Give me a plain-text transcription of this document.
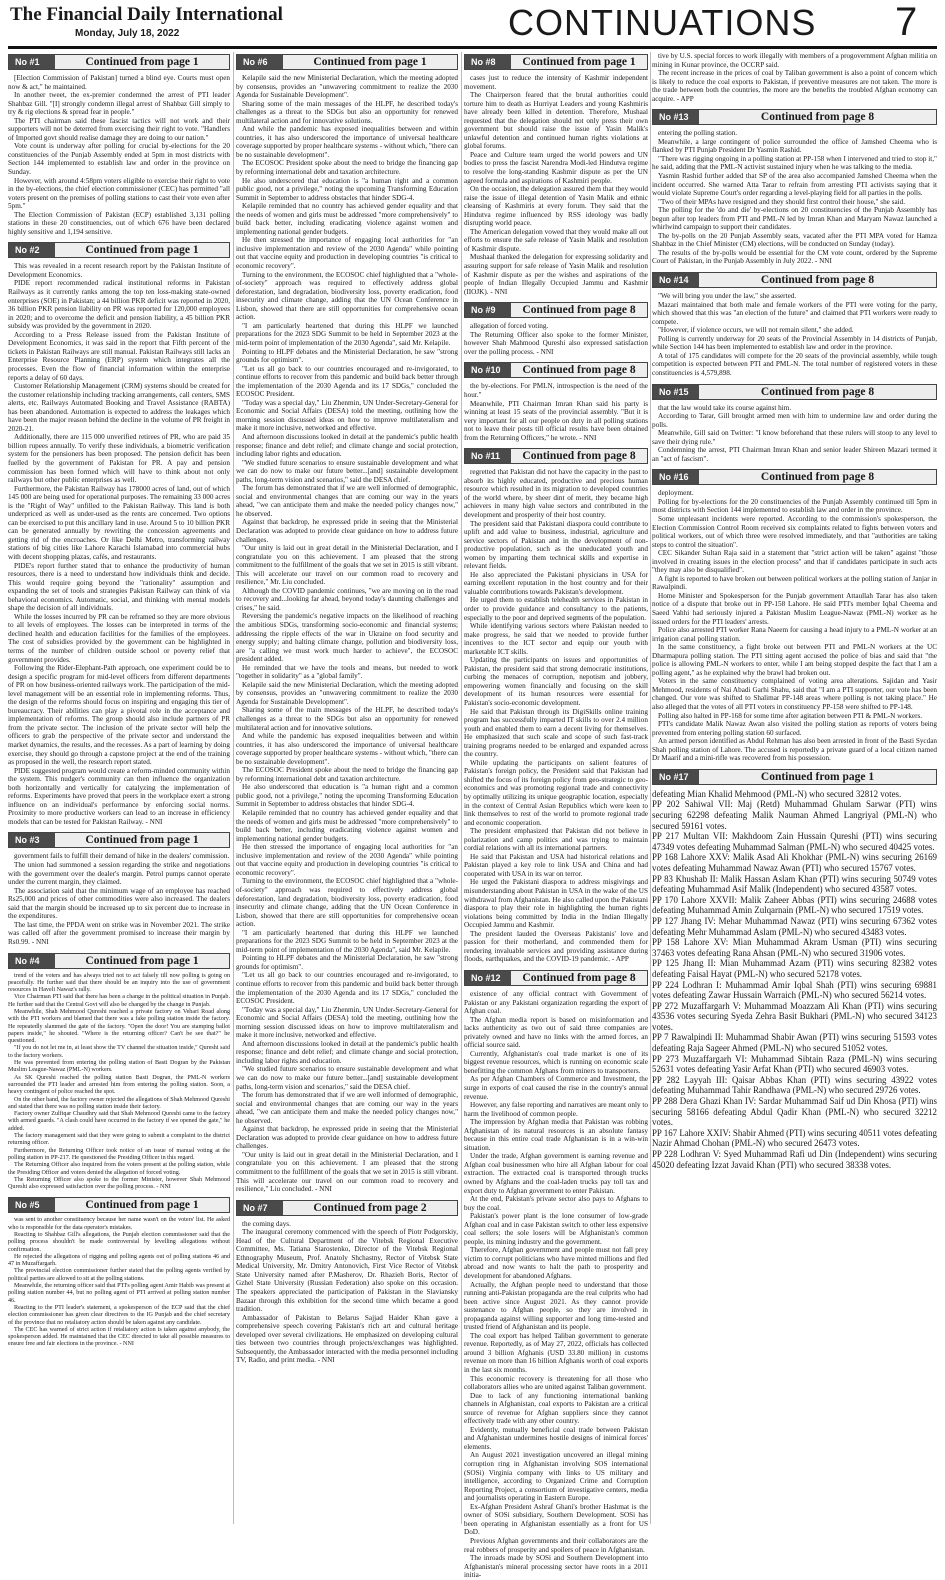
The Financial Daily International
Monday, July 18, 2022	CONTINUATIONS 7
No #1	Continued from page 1

[Election Commission of Pakistan] turned a blind eye. Courts must open now & act," he maintained.

In another tweet, the ex-premier condemned the arrest of PTI leader Shahbaz Gill. "[I] strongly condemn illegal arrest of Shahbaz Gill simply to try & rig elections & spread fear in people."

The PTI chairman said these fascist tactics will not work and their supporters will not be deterred from exercising their right to vote. "Handlers of Imported govt should realise damage they are doing to our nation."

Vote count is underway after polling for crucial by-elections for the 20 constituencies of the Punjab Assembly ended at 5pm in most districts with Section 144 implemented to establish law and order in the province on Sunday.

However, with around 4:58pm voters eligible to exercise their right to vote in the by-elections, the chief election commissioner (CEC) has permitted "all voters present on the premises of polling stations to cast their vote even after 5pm."

The Election Commission of Pakistan (ECP) established 3,131 polling stations in these 20 constituencies, out of which 676 have been declared highly sensitive and 1,194 sensitive.

No #2	Continued from page 1

This was revealed in a recent research report by the Pakistan Institute of Development Economics.

PIDE report recommended radical institutional reforms in Pakistan Railways as it currently ranks among the top ten loss-making state-owned enterprises (SOE) in Pakistan; a 44 billion PKR deficit was reported in 2020, 36 billion PKR pension liability on PR was reported for 120,000 employees in 2020; and to overcome the deficit and pension liability, a 45 billion PKR subsidy was provided by the government in 2020.

According to a Press Release issued from the Pakistan Institute of Development Economics, it was said in the report that Fifth percent of the tickets in Pakistan Railways are still manual. Pakistan Railways still lacks an Enterprise Resource Planning (ERP) system which integrates all the processes. Even the flow of financial information within the enterprise reports a delay of 60 days.

Customer Relationship Management (CRM) systems should be created for the customer relationship including tracking arrangements, call centers, SMS alerts, etc. Railways Automated Booking and Travel Assistance (RABTA) has been abandoned. Automation is expected to address the leakages which have been the major reason behind the decline in the volume of PR freight in 2020-21.

Additionally, there are 115 000 unverified retirees of PR, who are paid 35 billion rupees annually. To verify these individuals, a biometric verification system for the pensioners has been proposed. The pension deficit has been fuelled by the government of Pakistan for PR. A pay and pension commission has been formed which will have to think about not only railways but other public enterprises as well.

Furthermore, the Pakistan Railway has 178000 acres of land, out of which 145 000 are being used for operational purposes. The remaining 33 000 acres is the "Right of Way" unfilled to the Pakistan Railway. This land is both underpriced as well as under-used as the rents are concerned. Two options can be exercised to put this ancillary land in use. Around 5 to 10 billion PKR can be generated annually by rewriting the concession agreements and getting rid of the encroaches. Or like Delhi Metro, transforming railway stations of big cities like Lahore Karachi Islamabad into commercial hubs with decent shopping plazas, cafés, and restaurants.

PIDE's report further stated that to enhance the productivity of human resources, there is a need to understand how individuals think and decide. This would require going beyond the "rationality" assumption and expanding the set of tools and strategies Pakistan Railway can think of via behavioral economics. Automatic, social, and thinking with mental models shape the decision of all individuals.

While the losses incurred by PR can be reframed so they are more obvious to all levels of employees. The losses can be interpreted in terms of the declined health and education facilities for the families of the employees. The cost of subsidies provided by the government can be highlighted in terms of the number of children outside school or poverty relief that government provides.

Following the Rider-Elephant-Path approach, one experiment could be to design a specific program for mid-level officers from different departments of PR on how business-oriented railways work. The participation of the mid-level management will be an essential role in implementing reforms. Thus, the design of the reforms should focus on inspiring and engaging this tier of bureaucracy. Their abilities can play a pivotal role in the acceptance and implementation of reforms. The group should also include partners of PR from the private sector. The inclusion of the private sector will help the officers to grab the perspective of the private sector and understand the market dynamics, the results, and the recesses. As a part of learning by doing exercise, they should go through a capstone project at the end of the training as proposed in the well, the research report stated.

PIDE suggested program would create a reform-minded community within the system. This nudger's community can then influence the organization both horizontally and vertically for catalyzing the implementation of reforms. Experiments have proved that peers in the workplace exert a strong influence on an individual's performance by enforcing social norms. Proximity to more productive workers can lead to an increase in efficiency models that can be tested for Pakistan Railway. - NNI

No #3	Continued from page 1

government fails to fulfill their demand of hike in the dealers' commission.

The union had summoned a session regarding the strike and negotiations with the government over the dealer's margin. Petrol pumps cannot operate under the current margin, they claimed.

The association said that the minimum wage of an employee has reached Rs25,000 and prices of other commodities were also increased. The dealers said that the margin should be increased up to six percent due to increase in the expenditures.

The last time, the PPDA went on strike was in November 2021. The strike was called off after the government promised to increase their margin by Rs0.99. - NNI

No #4	Continued from page 1

trend of the voters and has always tried not to act falsely till now polling is going on peacefully. He further said that there should be an inquiry into the use of government resources in Haveli Nawaz's rally.

Vice Chairman PTI said that there has been a change in the political situation in Punjab. He further said that the Central Govt will also be changed by the change in Punjab.

Meanwhile, Shah Mehmood Qureshi reached a private factory on Vehari Road along with the PTI workers and blamed that there was a fake polling station inside the factory. He repeatedly slammed the gate of the factory. "Open the door! You are stamping ballot papers inside," he shouted. "Where is the returning officer? Can't be see that?" he questioned.

"If you do not let me in, at least show the TV channel the situation inside," Qureshi said to the factory workers.

He was prevented from entering the polling station of Basti Dogran by the Pakistan Muslim League-Nawaz (PML-N) workers.

As SK Qureshi reached the polling station Basti Dogran, the PML-N workers surrounded the PTI leader and arrested him from entering the polling station. Soon, a heavy contingent of police reached the spot.

On the other hand, the factory owner rejected the allegations of Shah Mehmood Qureshi and stated that there was no polling station inside their factory.

Factory owner Zulfiqar Chaudhry said that Shah Mehmood Qureshi came to the factory with armed guards. "A clash could have occurred in the factory if we opened the gate," he added.

The factory management said that they were going to submit a complaint to the district returning officer.

Furthermore, the Returning Officer took notice of an issue of manual voting at the polling station in PP-217. He questioned the Presiding Officer in this regard.

The Returning Officer also inquired from the voters present at the polling station, while the Presiding Officer and voters denied the allegation of forced voting.

The Returning Officer also spoke to the former Minister, however Shah Mehmood Qureshi also expressed satisfaction over the polling process. - NNI

No #5	Continued from page 1

was sent to another constituency because her name wasn't on the voters' list. He asked who is responsible for the data operator's mistakes.

Reacting to Shahbaz Gill's allegations, the Punjab election commissioner said that the polling process shouldn't be made controversial by levelling allegations without confirmation.

He rejected the allegations of rigging and polling agents out of polling stations 46 and 47 in Muzaffargarh.

The provincial election commissioner further stated that the polling agents verified by political parties are allowed to sit at the polling stations.

Meanwhile, the returning officer said that PTI's polling agent Amir Habib was present at polling station number 44, but no polling agent of PTI arrived at polling station number 46.

Reacting to the PTI leader's statement, a spokesperson of the ECP said that the chief election commissioner has given clear directives to the IG Punjab and the chief secretary of the province that no retaliatory action should be taken against any candidate.

The CEC has warned of strict action if retaliatory action is taken against anybody, the spokesperson added. He maintained that the CEC directed to take all possible measures to ensure free and fair elections in the province. - NNI

No #6	Continued from page 1

Kelapile said the new Ministerial Declaration, which the meeting adopted by consensus, provides an "unwavering commitment to realize the 2030 Agenda for Sustainable Development".

Sharing some of the main messages of the HLPF, he described today's challenges as a threat to the SDGs but also an opportunity for renewed multilateral action and for innovative solutions.

And while the pandemic has exposed inequalities between and within countries, it has also underscored the importance of universal healthcare coverage supported by proper healthcare systems - without which, "there can be no sustainable development".

The ECOSOC President spoke about the need to bridge the financing gap by reforming international debt and taxation architecture.

He also underscored that education is "a human right and a common public good, not a privilege," noting the upcoming Transforming Education Summit in September to address obstacles that hinder SDG-4.

Kelapile reminded that no country has achieved gender equality and that the needs of women and girls must be addressed "more comprehensively" to build back better, including eradicating violence against women and implementing national gender budgets.

He then stressed the importance of engaging local authorities for "an inclusive implementation and review of the 2030 Agenda" while pointing out that vaccine equity and production in developing countries "is critical to economic recovery".

Turning to the environment, the ECOSOC chief highlighted that a "whole-of-society" approach was required to effectively address global deforestation, land degradation, biodiversity loss, poverty eradication, food insecurity and climate change, adding that the UN Ocean Conference in Lisbon, showed that there are still opportunities for comprehensive ocean action.

"I am particularly heartened that during this HLPF we launched preparations for the 2023 SDG Summit to be held in September 2023 at the mid-term point of implementation of the 2030 Agenda", said Mr. Kelapile.

Pointing to HLPF debates and the Ministerial Declaration, he saw "strong grounds for optimism".

"Let us all go back to our countries encouraged and re-invigorated, to continue efforts to recover from this pandemic and build back better through the implementation of the 2030 Agenda and its 17 SDGs," concluded the ECOSOC President.

"Today was a special day," Liu Zhenmin, UN Under-Secretary-General for Economic and Social Affairs (DESA) told the meeting, outlining how the morning session discussed ideas on how to improve multilateralism and make it more inclusive, networked and effective.

And afternoon discussions looked in detail at the pandemic's public health response; finance and debt relief; and climate change and social protection, including labor rights and education.

"We studied future scenarios to ensure sustainable development and what we can do now to make our future better...[and] sustainable development paths, long-term vision and scenarios," said the DESA chief.

The forum has demonstrated that if we are well informed of demographic, social and environmental changes that are coming our way in the years ahead, "we can anticipate them and make the needed policy changes now," he observed.

Against that backdrop, he expressed pride in seeing that the Ministerial Declaration was adopted to provide clear guidance on how to address future challenges.

"Our unity is laid out in great detail in the Ministerial Declaration, and I congratulate you on this achievement. I am pleased that the strong commitment to the fulfillment of the goals that we set in 2015 is still vibrant. This will accelerate our travel on our common road to recovery and resilience," Mr. Liu concluded.

Although the COVID pandemic continues, "we are moving on in the road to recovery and...looking far ahead, beyond today's daunting challenges and crises," he said.

Reversing the pandemic's negative impacts on the likelihood of reaching the ambitious SDGs, transforming socio-economic and financial systems; addressing the ripple effects of the war in Ukraine on food security and energy supply; and halting climate change, pollution and biodiversity loss, are "a calling we must work much harder to achieve", the ECOSOC president added.

He reminded that we have the tools and means, but needed to work "together in solidarity" as a "global family".

Kelapile said the new Ministerial Declaration, which the meeting adopted by consensus, provides an "unwavering commitment to realize the 2030 Agenda for Sustainable Development".

Sharing some of the main messages of the HLPF, he described today's challenges as a threat to the SDGs but also an opportunity for renewed multilateral action and for innovative solutions.

And while the pandemic has exposed inequalities between and within countries, it has also underscored the importance of universal healthcare coverage supported by proper healthcare systems - without which, "there can be no sustainable development".

The ECOSOC President spoke about the need to bridge the financing gap by reforming international debt and taxation architecture.

He also underscored that education is "a human right and a common public good, not a privilege," noting the upcoming Transforming Education Summit in September to address obstacles that hinder SDG-4.

Kelapile reminded that no country has achieved gender equality and that the needs of women and girls must be addressed "more comprehensively" to build back better, including eradicating violence against women and implementing national gender budgets.

He then stressed the importance of engaging local authorities for "an inclusive implementation and review of the 2030 Agenda" while pointing out that vaccine equity and production in developing countries "is critical to economic recovery".

Turning to the environment, the ECOSOC chief highlighted that a "whole-of-society" approach was required to effectively address global deforestation, land degradation, biodiversity loss, poverty eradication, food insecurity and climate change, adding that the UN Ocean Conference in Lisbon, showed that there are still opportunities for comprehensive ocean action.

"I am particularly heartened that during this HLPF we launched preparations for the 2023 SDG Summit to be held in September 2023 at the mid-term point of implementation of the 2030 Agenda", said Mr. Kelapile.

Pointing to HLPF debates and the Ministerial Declaration, he saw "strong grounds for optimism".

"Let us all go back to our countries encouraged and re-invigorated, to continue efforts to recover from this pandemic and build back better through the implementation of the 2030 Agenda and its 17 SDGs," concluded the ECOSOC President.

"Today was a special day," Liu Zhenmin, UN Under-Secretary-General for Economic and Social Affairs (DESA) told the meeting, outlining how the morning session discussed ideas on how to improve multilateralism and make it more inclusive, networked and effective.

And afternoon discussions looked in detail at the pandemic's public health response; finance and debt relief; and climate change and social protection, including labor rights and education.

"We studied future scenarios to ensure sustainable development and what we can do now to make our future better...[and] sustainable development paths, long-term vision and scenarios," said the DESA chief.

The forum has demonstrated that if we are well informed of demographic, social and environmental changes that are coming our way in the years ahead, "we can anticipate them and make the needed policy changes now," he observed.

Against that backdrop, he expressed pride in seeing that the Ministerial Declaration was adopted to provide clear guidance on how to address future challenges.

"Our unity is laid out in great detail in the Ministerial Declaration, and I congratulate you on this achievement. I am pleased that the strong commitment to the fulfillment of the goals that we set in 2015 is still vibrant. This will accelerate our travel on our common road to recovery and resilience," Liu concluded. - NNI

No #7	Continued from page 2

the coming days.

The inaugural ceremony commenced with the speech of Piotr Podgorskiy, Head of the Cultural Department of the Vitebsk Regional Executive Committee, Ms. Tatiana Starostenko, Director of the Vitebsk Regional Ethnography Museum, Prof. Anatoly Shchastny, Rector of Vitebsk State Medical University, Mr. Dmitry Antonovich, First Vice Rector of Vitebsk State University named after P.Masherov, Dr. Rhazieh Boris, Rector of Gzhel State University (Russian Federation) also spoke on this occasion. The speakers appreciated the participation of Pakistan in the Slaviansky Bazaar through this exhibition for the second time which became a good tradition.

Ambassador of Pakistan to Belarus Sajjad Haider Khan gave a comprehensive speech covering Pakistan's rich art and cultural heritage developed over several civilizations. He emphasized on developing cultural ties between two countries through projects/exchanges was highlighted. Subsequently, the Ambassador interacted with the media personnel including TV, Radio, and print media. - NNI

No #8	Continued from page 1

cases just to reduce the intensity of Kashmir independent movement.

The Chairperson feared that the brutal authorities could torture him to death as Hurriyat Leaders and young Kashmiris have already been killed in detention. Therefore, Mushaal requested that the delegation should not only press their own government but should raise the issue of Yasin Malik's unlawful detention and continued human rights violations at global forums.

Peace and Culture team urged the world powers and UN bodies to press the fascist Narendra Modi-led Hindutva regime to resolve the long-standing Kashmir dispute as per the UN agreed formula and aspirations of Kashmiri people.

On the occasion, the delegation assured them that they would raise the issue of illegal detention of Yasin Malik and ethnic cleansing of Kashmiris at every forum. They said that the Hindutva regime influenced by RSS ideology was badly disrupting world peace.

The American delegation vowed that they would make all out efforts to ensure the safe release of Yasin Malik and resolution of Kashmir dispute.

Mushaal thanked the delegation for expressing solidarity and assuring support for safe release of Yasin Malik and resolution of Kashmir dispute as per the wishes and aspirations of the people of Indian Illegally Occupied Jammu and Kashmir (IIOJK). - NNI

No #9	Continued from page 8

allegation of forced voting.

The Returning Officer also spoke to the former Minister, however Shah Mahmood Qureshi also expressed satisfaction over the polling process. - NNI

No #10	Continued from page 8

the by-elections. For PMLN, introspection is the need of the hour."

Meanwhile, PTI Chairman Imran Khan said his party is winning at least 15 seats of the provincial assembly. "But it is very important for all our people on duty in all polling stations not to leave their posts till official results have been obtained from the Returning Officers," he wrote. - NNI

No #11	Continued from page 8

regretted that Pakistan did not have the capacity in the past to absorb its highly educated, productive and precious human resource which resulted in its migration to developed countries of the world where, by sheer dint of merit, they became high achievers in many high value sectors and contributed in the development and prosperity of their host country.

The president said that Pakistani diaspora could contribute to uplift and add value to business, industrial, agriculture and service sectors of Pakistan and in the development of non-productive population, such as the uneducated youth and women by imparting them technical skills and expertise in relevant fields.

He also appreciated the Pakistani physicians in USA for earning excellent reputation in the host country and for their valuable contributions towards Pakistan's development.

He urged them to establish telehealth services in Pakistan in order to provide guidance and consultancy to the patients, especially to the poor and deprived segments of the population.

While identifying various sectors where Pakistan needed to make progress, he said that we needed to provide further incentives to the ICT sector and equip our youth with marketable ICT skills.

Updating the participants on issues and opportunities of Pakistan, the president said that strong democratic institutions, curbing the menaces of corruption, nepotism and jobbery, empowering women financially and focusing on the skill development of its human resources were essential for Pakistan's socio-economic development.

He said that Pakistan through its DigiSkills online training program has successfully imparted IT skills to over 2.4 million youth and enabled them to earn a decent living for themselves. He emphasized that such scale and scope of such fast-track training programs needed to be enlarged and expanded across the country.

While updating the participants on salient features of Pakistan's foreign policy, the President said that Pakistan had shifted the focus of its foreign policy from geo-strategic to geo-economics and was promoting regional trade and connectivity by optimally utilizing its unique geographic location, especially in the context of Central Asian Republics which were keen to link themselves to rest of the world to promote regional trade and economic cooperation.

The president emphasized that Pakistan did not believe in polarization and camp politics and was trying to maintain cordial relations with all its international partners.

He said that Pakistan and USA had historical relations and Pakistan played a key role to link USA and China and had cooperated with USA in its war on terror.

He urged the Pakistani diaspora to address misgivings and misunderstanding about Pakistan in USA in the wake of the US withdrawal from Afghanistan. He also called upon the Pakistani diaspora to play their role in highlighting the human rights violations being committed by India in the Indian Illegally Occupied Jammu and Kashmir.

The president lauded the Overseas Pakistanis' love and passion for their motherland, and commended them for rendering invaluable services and providing assistance during floods, earthquakes, and the COVID-19 pandemic. - APP

No #12	Continued from page 8

existence of any official contract with Government of Pakistan or any Pakistani organization regarding the export of Afghan coal.

The Afghan media report is based on misinformation and lacks authenticity as two out of said three companies are privately owned and have no links with the armed forces, an official source said.

Currently, Afghanistan's coal trade market is one of its biggest revenue resources, which is running on economic scale benefitting the common Afghans from miners to transporters.

As per Afghan Chambers of Commerce and Investment, the surge in exports of coal caused the rise in the country's annual revenue.

However, any false reporting and narratives are meant only to harm the livelihood of common people.

The impression by Afghan media that Pakistan was robbing Afghanistan of its natural resources is an absolute fantasy because in this entire coal trade Afghanistan is in a win-win situation.

Under the trade, Afghan government is earning revenue and Afghan coal businessmen who hire all Afghan labour for coal extraction. The extracted coal is transported through trucks owned by Afghans and the coal-laden trucks pay toll tax and export duty to Afghan government to enter Pakistan.

At the end, Pakistan's private sector also pays to Afghans to buy the coal.

Pakistan's power plant is the lone consumer of low-grade Afghan coal and in case Pakistan switch to other less expensive coal sellers; the sole losers will be Afghanistan's common people, its mining industry and the government.

Therefore, Afghan government and people must not fall prey victim to corrupt politicians who have minted millions and fled abroad and now wants to halt the path to prosperity and development for abandoned Afghans.

Actually, the Afghan people need to understand that those running anti-Pakistan propaganda are the real culprits who had been active since August 2021. As they cannot provide sustenance to Afghan people, so they are involved in propaganda against willing supporter and long time-tested and trusted friend of Afghanistan and its people.

The coal export has helped Taliban government to generate revenue. Reportedly, as of May 27, 2022, officials has collected around 3 billion Afghanis (USD 33.80 million) in customs revenue on more than 16 billion Afghanis worth of coal exports in the last six months.

This economic recovery is threatening for all those who collaborators allies who are united against Taliban government.

Due to lack of any functioning international banking channels in Afghanistan, coal exports to Pakistan are a critical source of revenue for Afghan suppliers since they cannot effectively trade with any other country.

Evidently, mutually beneficial coal trade between Pakistan and Afghanistan undermines hostile designs of inimical forces' elements.

An August 2021 investigation uncovered an illegal mining corruption ring in Afghanistan involving SOS international (SOSi) Virginia company with links to US military and intelligence, according to Organized Crime and Corruption Reporting Project, a consortium of investigative centers, media and journalists operating in Eastern Europe.

Ex-Afghan President Ashraf Ghani's brother Hashmat is the owner of SOSi subsidiary, Southern Development. SOSi has been operating in Afghanistan essentially as a front for US DoD.

Previous Afghan governments and their collaborators are the real robbers of prosperity and spoilers of peace in Afghanistan.

The inroads made by SOSi and Southern Development into Afghanistan's mineral processing sector have roots in a 2011 initia-

tive by U.S. special forces to work illegally with members of a progovernment Afghan militia on mining in Kunar province, the OCCRP said.

The recent increase in the prices of coal by Taliban government is also a point of concern which is likely to reduce the coal exports to Pakistan, if preventive measures are not taken. The more is the trade between both the countries, the more are the benefits the troubled Afghan economy can acquire. - APP

No #13	Continued from page 8

entering the polling station.

Meanwhile, a large contingent of police surrounded the office of Jamshed Cheema who is flanked by PTI Punjab President Dr Yasmin Rashid.

"There was rigging ongoing in a polling station at PP-158 when I intervened and tried to stop it," he said, adding that the PML-N activist sustained injury when he was talking to the media.

Yasmin Rashid further added that SP of the area also accompanied Jamshed Cheema when the incident occurred. She warned Atta Tarar to refrain from arresting PTI activists saying that it would violate Supreme Court's order regarding a level-playing field for all parties in the polls.

"Two of their MPAs have resigned and they should first control their house," she said.

The polling for the 'do and die' by-elections on 20 constituencies of the Punjab Assembly has begun after top leaders from PTI and PML-N led by Imran Khan and Maryam Nawaz launched a whirlwind campaign to support their candidates.

The by-polls on the 20 Punjab Assembly seats, vacated after the PTI MPA voted for Hamza Shahbaz in the Chief Minister (CM) elections, will be conducted on Sunday (today).

The results of the by-polls would be essential for the CM vote count, ordered by the Supreme Court of Pakistan, in the Punjab Assembly in July 2022. - NNI

No #14	Continued from page 8

"We will bring you under the law," she asserted.

Mazari maintained that both male and female workers of the PTI were voting for the party, which showed that this was "an election of the future" and claimed that PTI workers were ready to compete.

"However, if violence occurs, we will not remain silent," she added.

Polling is currently underway for 20 seats of the Provincial Assembly in 14 districts of Punjab, while Section 144 has been implemented to establish law and order in the province.

A total of 175 candidates will compete for the 20 seats of the provincial assembly, while tough competition is expected between PTI and PML-N. The total number of registered voters in these constituencies is 4,579,898.

No #15	Continued from page 8

that the law would take its course against him.

According to Tarar, Gill brought armed men with him to undermine law and order during the polls.

Meanwhile, Gill said on Twitter: "I know beforehand that these rulers will stoop to any level to save their dying rule."

Condemning the arrest, PTI Chairman Imran Khan and senior leader Shireen Mazari termed it an "act of fascism".

No #16	Continued from page 8

deployment.

Polling for by-elections for the 20 constituencies of the Punjab Assembly continued till 5pm in most districts with Section 144 implemented to establish law and order in the province.

Some unpleasant incidents were reported. According to the commission's spokesperson, the Election Commission Control Room received six complaints related to fights between voters and political workers, out of which three were resolved immediately, and that "authorities are taking steps to control the situation".

CEC Sikander Sultan Raja said in a statement that "strict action will be taken" against "those involved in creating issues in the election process" and that if candidates participate in such acts "they may also be disqualified".

A fight is reported to have broken out between political workers at the polling station of Janjar in Rawalpindi.

Home Minister and Spokesperson for the Punjab government Attaullah Tarar has also taken notice of a dispute that broke out in PP-158 Lahore. He said PTI's member Iqbal Cheema and Saeed Vahhi had seriously injured a Pakistan Muslim League-Nawaz (PML-N) worker as he issued orders for the PTI leaders' arrests.

Police also arrested PTI worker Rana Naeem for causing a head injury to a PML-N worker at an irrigation canal polling station.

In the same constituency, a fight broke out between PTI and PML-N workers at the UC Dharmapura polling station. The PTI sitting agent accused the police of bias and said that "the police is allowing PML-N workers to enter, while I am being stopped despite the fact that I am a polling agent," as he explained why the brawl had broken out.

Voters in the same constituency complained of voting area alterations. Sajidan and Yasir Mehmood, residents of Nai Abadi Garhi Shahu, said that "I am a PTI supporter, our vote has been changed. Our vote was shifted to Shalimar PP-148 areas where polling is not taking place." He also alleged that the votes of all PTI voters in constituency PP-158 were shifted to PP-148.

Polling also halted in PP-168 for some time after agitation between PTI & PML-N workers.

PTI's candidate Malik Nawaz Awan also visited the polling station as reports of voters being prevented from entering polling station 60 surfaced.

An armed person identified as Abdul Rehman has also been arrested in front of the Basti Sycdan Shah polling station of Lahore. The accused is reportedly a private guard of a local citizen named Dr Maarif and a mini-rifle was recovered from his possession.

No #17	Continued from page 1

defeating Mian Khalid Mehmood (PML-N) who secured 32812 votes.

PP 202 Sahiwal VII: Maj (Retd) Muhammad Ghulam Sarwar (PTI) wins securing 62298 defeating Malik Nauman Ahmed Langriyal (PML-N) who secured 59161 votes.

PP 217 Multan VII: Makhdoom Zain Hussain Qureshi (PTI) wins securing 47349 votes defeating Muhammad Salman (PML-N) who secured 40425 votes.

PP 168 Lahore XXV: Malik Asad Ali Khokhar (PML-N) wins securing 26169 votes defeating Muhammad Nawaz Awan (PTI) who secured 15767 votes.

PP 83 Khushab II: Malik Hassan Aslam Khan (PTI) wins securing 50749 votes defeating Muhammad Asif Malik (Independent) who secured 43587 votes.

PP 170 Lahore XXVII: Malik Zaheer Abbas (PTI) wins securing 24688 votes defeating Muhammad Amin Zulqarnain (PML-N) who secured 17519 votes.

PP 127 Jhang IV: Mehar Muhammad Nawaz (PTI) wins securing 67362 votes defeating Mehr Muhammad Aslam (PML-N) who secured 43483 votes.

PP 158 Lahore XV: Mian Muhammad Akram Usman (PTI) wins securing 37463 votes defeating Rana Ahsan (PML-N) who secured 31906 votes.

PP 125 Jhang II: Mian Muhammad Azam (PTI) wins securing 82382 votes defeating Faisal Hayat (PML-N) who secured 52178 votes.

PP 224 Lodhran I: Muhammad Amir Iqbal Shah (PTI) wins securing 69881 votes defeating Zawar Hussain Warraich (PML-N) who secured 56214 votes.

PP 272 Muzaffargarh V: Muhammad Moazzam Ali Khan (PTI) wins securing 43536 votes securing Syeda Zehra Basit Bukhari (PML-N) who secured 34123 votes.

PP 7 Rawalpindi II: Muhammad Shabir Awan (PTI) wins securing 51593 votes defeating Raja Sageer Ahmed (PML-N) who secured 51052 votes.

PP 273 Muzaffargarh VI: Muhammad Sibtain Raza (PML-N) wins securing 52631 votes defeating Yasir Arfat Khan (PTI) who secured 46903 votes.

PP 282 Layyah III: Qaisar Abbas Khan (PTI) wins securing 43922 votes defeating Muhammad Tahir Randhawa (PML-N) who secured 29726 votes.

PP 288 Dera Ghazi Khan IV: Sardar Muhammad Saif ud Din Khosa (PTI) wins securing 58166 defeating Abdul Qadir Khan (PML-N) who secured 32212 votes.

PP 167 Lahore XXIV: Shabir Ahmed (PTI) wins securing 40511 votes defeating Nazir Ahmad Chohan (PML-N) who secured 26473 votes.

PP 228 Lodhran V: Syed Muhammad Rafi ud Din (Independent) wins securing 45020 defeating Izzat Javaid Khan (PTI) who secured 38338 votes.
